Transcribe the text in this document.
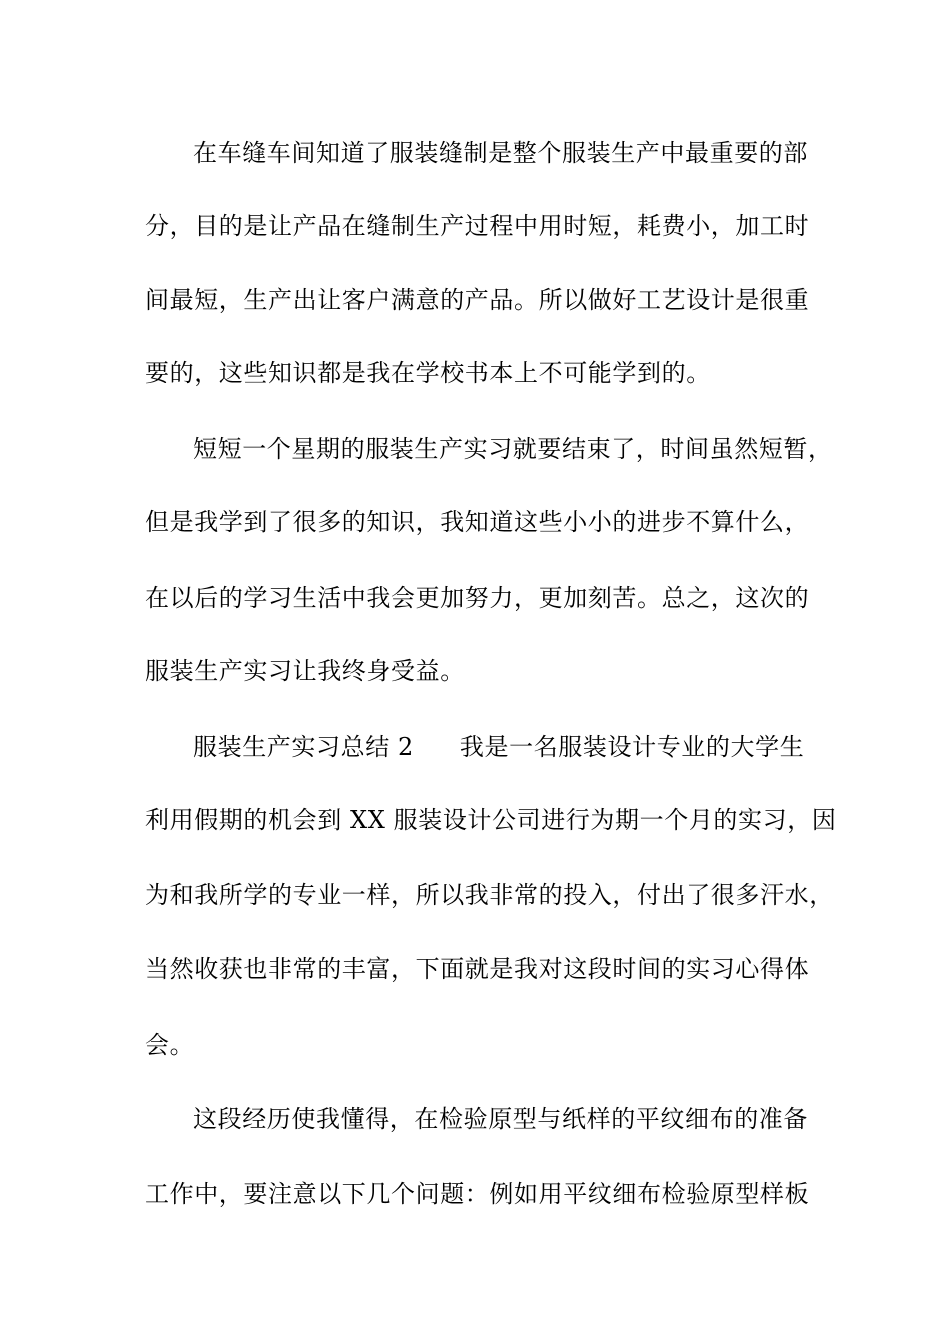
在车缝车间知道了服装缝制是整个服装生产中最重要的部
分，目的是让产品在缝制生产过程中用时短，耗费小，加工时
间最短，生产出让客户满意的产品。所以做好工艺设计是很重
要的，这些知识都是我在学校书本上不可能学到的。
短短一个星期的服装生产实习就要结束了，时间虽然短暂，
但是我学到了很多的知识，我知道这些小小的进步不算什么，
在以后的学习生活中我会更加努力，更加刻苦。总之，这次的
服装生产实习让我终身受益。
服装生产实习总结 2 我是一名服装设计专业的大学生
利用假期的机会到 XX 服装设计公司进行为期一个月的实习，因
为和我所学的专业一样，所以我非常的投入，付出了很多汗水，
当然收获也非常的丰富，下面就是我对这段时间的实习心得体
会。
这段经历使我懂得，在检验原型与纸样的平纹细布的准备
工作中，要注意以下几个问题：例如用平纹细布检验原型样板
